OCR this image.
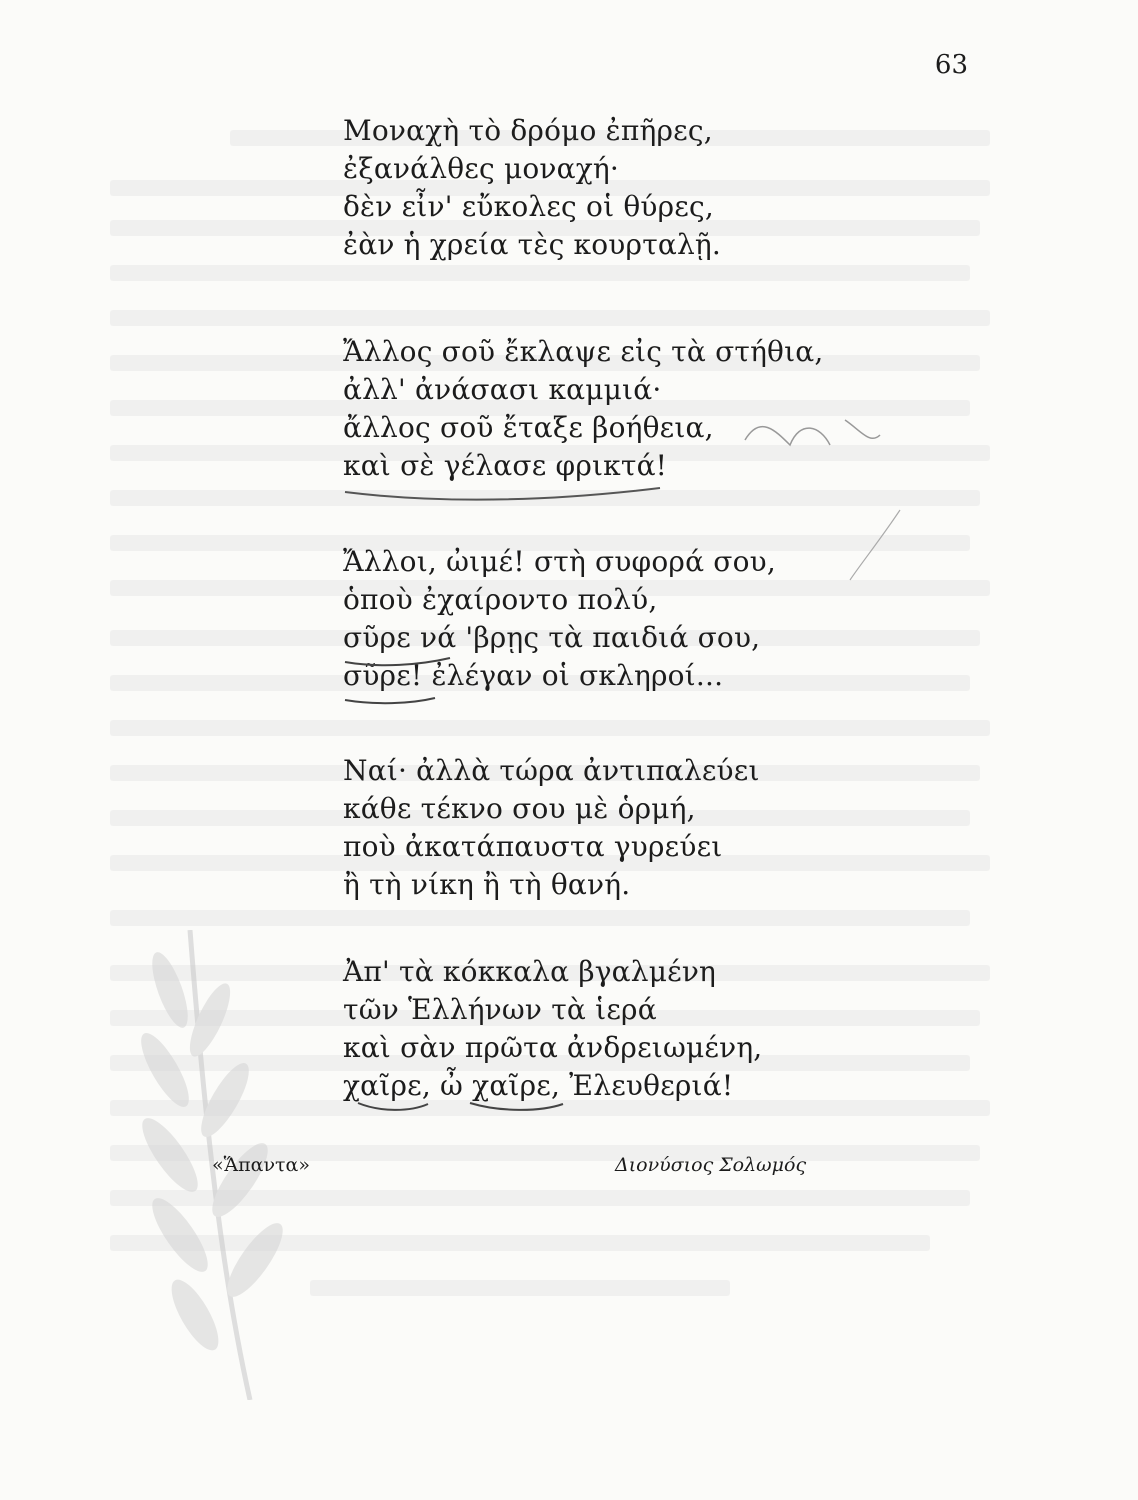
63
Μοναχὴ τὸ δρόμο ἐπῆρες,
ἐξανάλθες μοναχή·
δὲν εἶν' εὔκολες οἱ θύρες,
ἐὰν ἡ χρεία τὲς κουρταλῇ.
Ἄλλος σοῦ ἔκλαψε εἰς τὰ στήθια,
ἀλλ' ἀνάσασι καμμιά·
ἄλλος σοῦ ἔταξε βοήθεια,
καὶ σὲ γέλασε φρικτά!
Ἄλλοι, ὠιμέ! στὴ συφορά σου,
ὁποὺ ἐχαίροντο πολύ,
σῦρε νά 'βρῃς τὰ παιδιά σου,
σῦρε! ἐλέγαν οἱ σκληροί...
Ναί· ἀλλὰ τώρα ἀντιπαλεύει
κάθε τέκνο σου μὲ ὁρμή,
ποὺ ἀκατάπαυστα γυρεύει
ἢ τὴ νίκη ἢ τὴ θανή.
Ἀπ' τὰ κόκκαλα βγαλμένη
τῶν Ἑλλήνων τὰ ἱερά
καὶ σὰν πρῶτα ἀνδρειωμένη,
χαῖρε, ὦ χαῖρε, Ἐλευθεριά!
«Ἅπαντα»	Διονύσιος Σολωμός
